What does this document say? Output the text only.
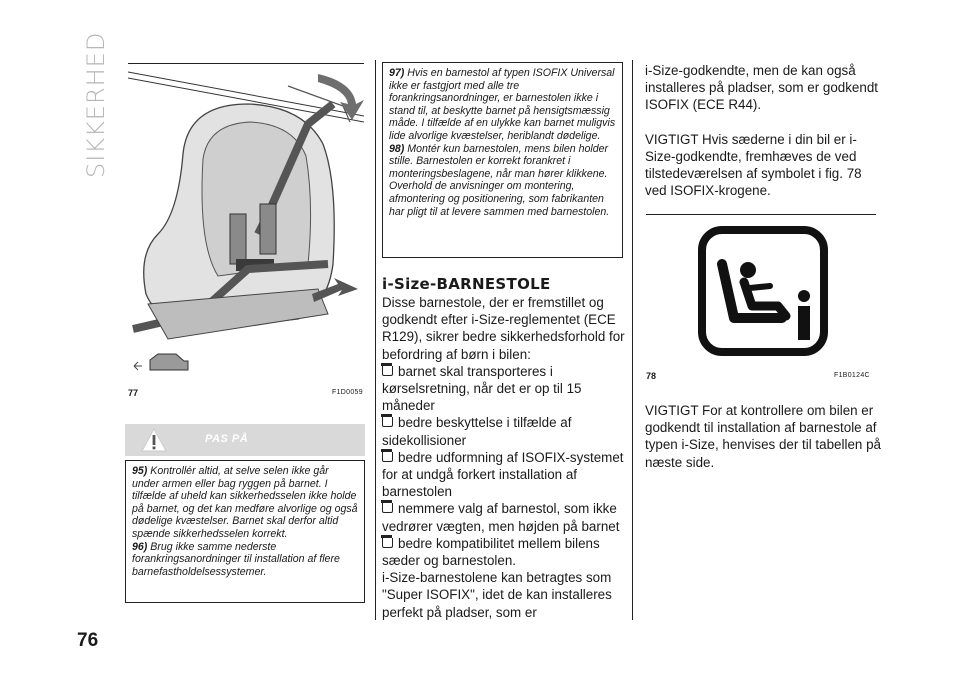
SIKKERHED
76
77	F1D0059
PAS PÅ

95) Kontrollér altid, at selve selen ikke går under armen eller bag ryggen på barnet. I tilfælde af uheld kan sikkerhedsselen ikke holde på barnet, og det kan medføre alvorlige og også dødelige kvæstelser. Barnet skal derfor altid spænde sikkerhedsselen korrekt.

96) Brug ikke samme nederste forankringsanordninger til installation af flere barnefastholdelsessystemer.

97) Hvis en barnestol af typen ISOFIX Universal ikke er fastgjort med alle tre forankringsanordninger, er barnestolen ikke i stand til, at beskytte barnet på hensigtsmæssig måde. I tilfælde af en ulykke kan barnet muligvis lide alvorlige kvæstelser, heriblandt dødelige.

98) Montér kun barnestolen, mens bilen holder stille. Barnestolen er korrekt forankret i monteringsbeslagene, når man hører klikkene. Overhold de anvisninger om montering, afmontering og positionering, som fabrikanten har pligt til at levere sammen med barnestolen.

i-Size-BARNESTOLE

Disse barnestole, der er fremstillet og godkendt efter i-Size-reglementet (ECE R129), sikrer bedre sikkerhedsforhold for befordring af børn i bilen:

barnet skal transporteres i kørselsretning, når det er op til 15 måneder

bedre beskyttelse i tilfælde af sidekollisioner

bedre udformning af ISOFIX-systemet for at undgå forkert installation af barnestolen

nemmere valg af barnestol, som ikke vedrører vægten, men højden på barnet

bedre kompatibilitet mellem bilens sæder og barnestolen.

i-Size-barnestolene kan betragtes som "Super ISOFIX", idet de kan installeres perfekt på pladser, som er

i-Size-godkendte, men de kan også installeres på pladser, som er godkendt ISOFIX (ECE R44).

VIGTIGT Hvis sæderne i din bil er i-Size-godkendte, fremhæves de ved tilstedeværelsen af symbolet i fig. 78 ved ISOFIX-krogene.

78	F1B0124C

VIGTIGT For at kontrollere om bilen er godkendt til installation af barnestole af typen i-Size, henvises der til tabellen på næste side.
